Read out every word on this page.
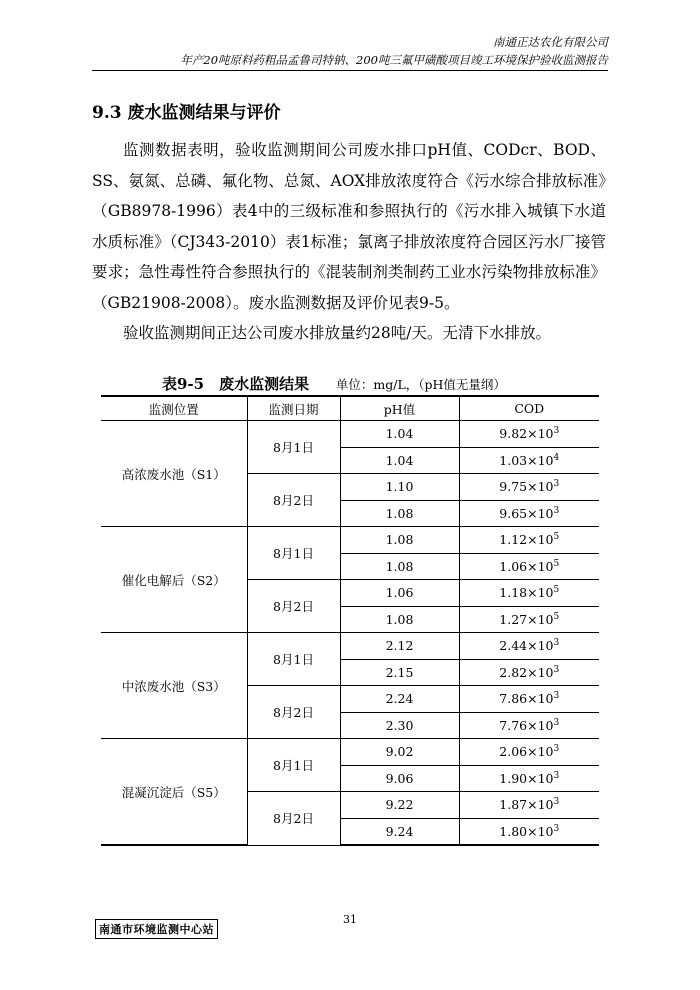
南通正达农化有限公司
年产20吨原料药粗品孟鲁司特钠、200吨三氟甲磺酸项目竣工环境保护验收监测报告
9.3 废水监测结果与评价

监测数据表明，验收监测期间公司废水排口pH值、CODcr、BOD、SS、氨氮、总磷、氟化物、总氮、AOX排放浓度符合《污水综合排放标准》（GB8978-1996）表4中的三级标准和参照执行的《污水排入城镇下水道水质标准》（CJ343-2010）表1标准；氯离子排放浓度符合园区污水厂接管要求；急性毒性符合参照执行的《混装制剂类制药工业水污染物排放标准》（GB21908-2008）。废水监测数据及评价见表9-5。

验收监测期间正达公司废水排放量约28吨/天。无清下水排放。

表9-5　废水监测结果 单位：mg/L，（pH值无量纲）
监测位置	监测日期	pH值	COD
高浓废水池（S1）	8月1日	1.04	$9.82\times 10^3$
		1.04	$1.03\times 10^4$
	8月2日	1.10	$9.75\times 10^3$
		1.08	$9.65\times 10^3$
催化电解后（S2）	8月1日	1.08	$1.12\times 10^5$
		1.08	$1.06\times 10^5$
	8月2日	1.06	$1.18\times 10^5$
		1.08	$1.27\times 10^5$
中浓废水池（S3）	8月1日	2.12	$2.44\times 10^3$
		2.15	$2.82\times 10^3$
	8月2日	2.24	$7.86\times 10^3$
		2.30	$7.76\times 10^3$
混凝沉淀后（S5）	8月1日	9.02	$2.06\times 10^3$
		9.06	$1.90\times 10^3$
	8月2日	9.22	$1.87\times 10^3$
		9.24	$1.80\times 10^3$
南通市环境监测中心站
31
